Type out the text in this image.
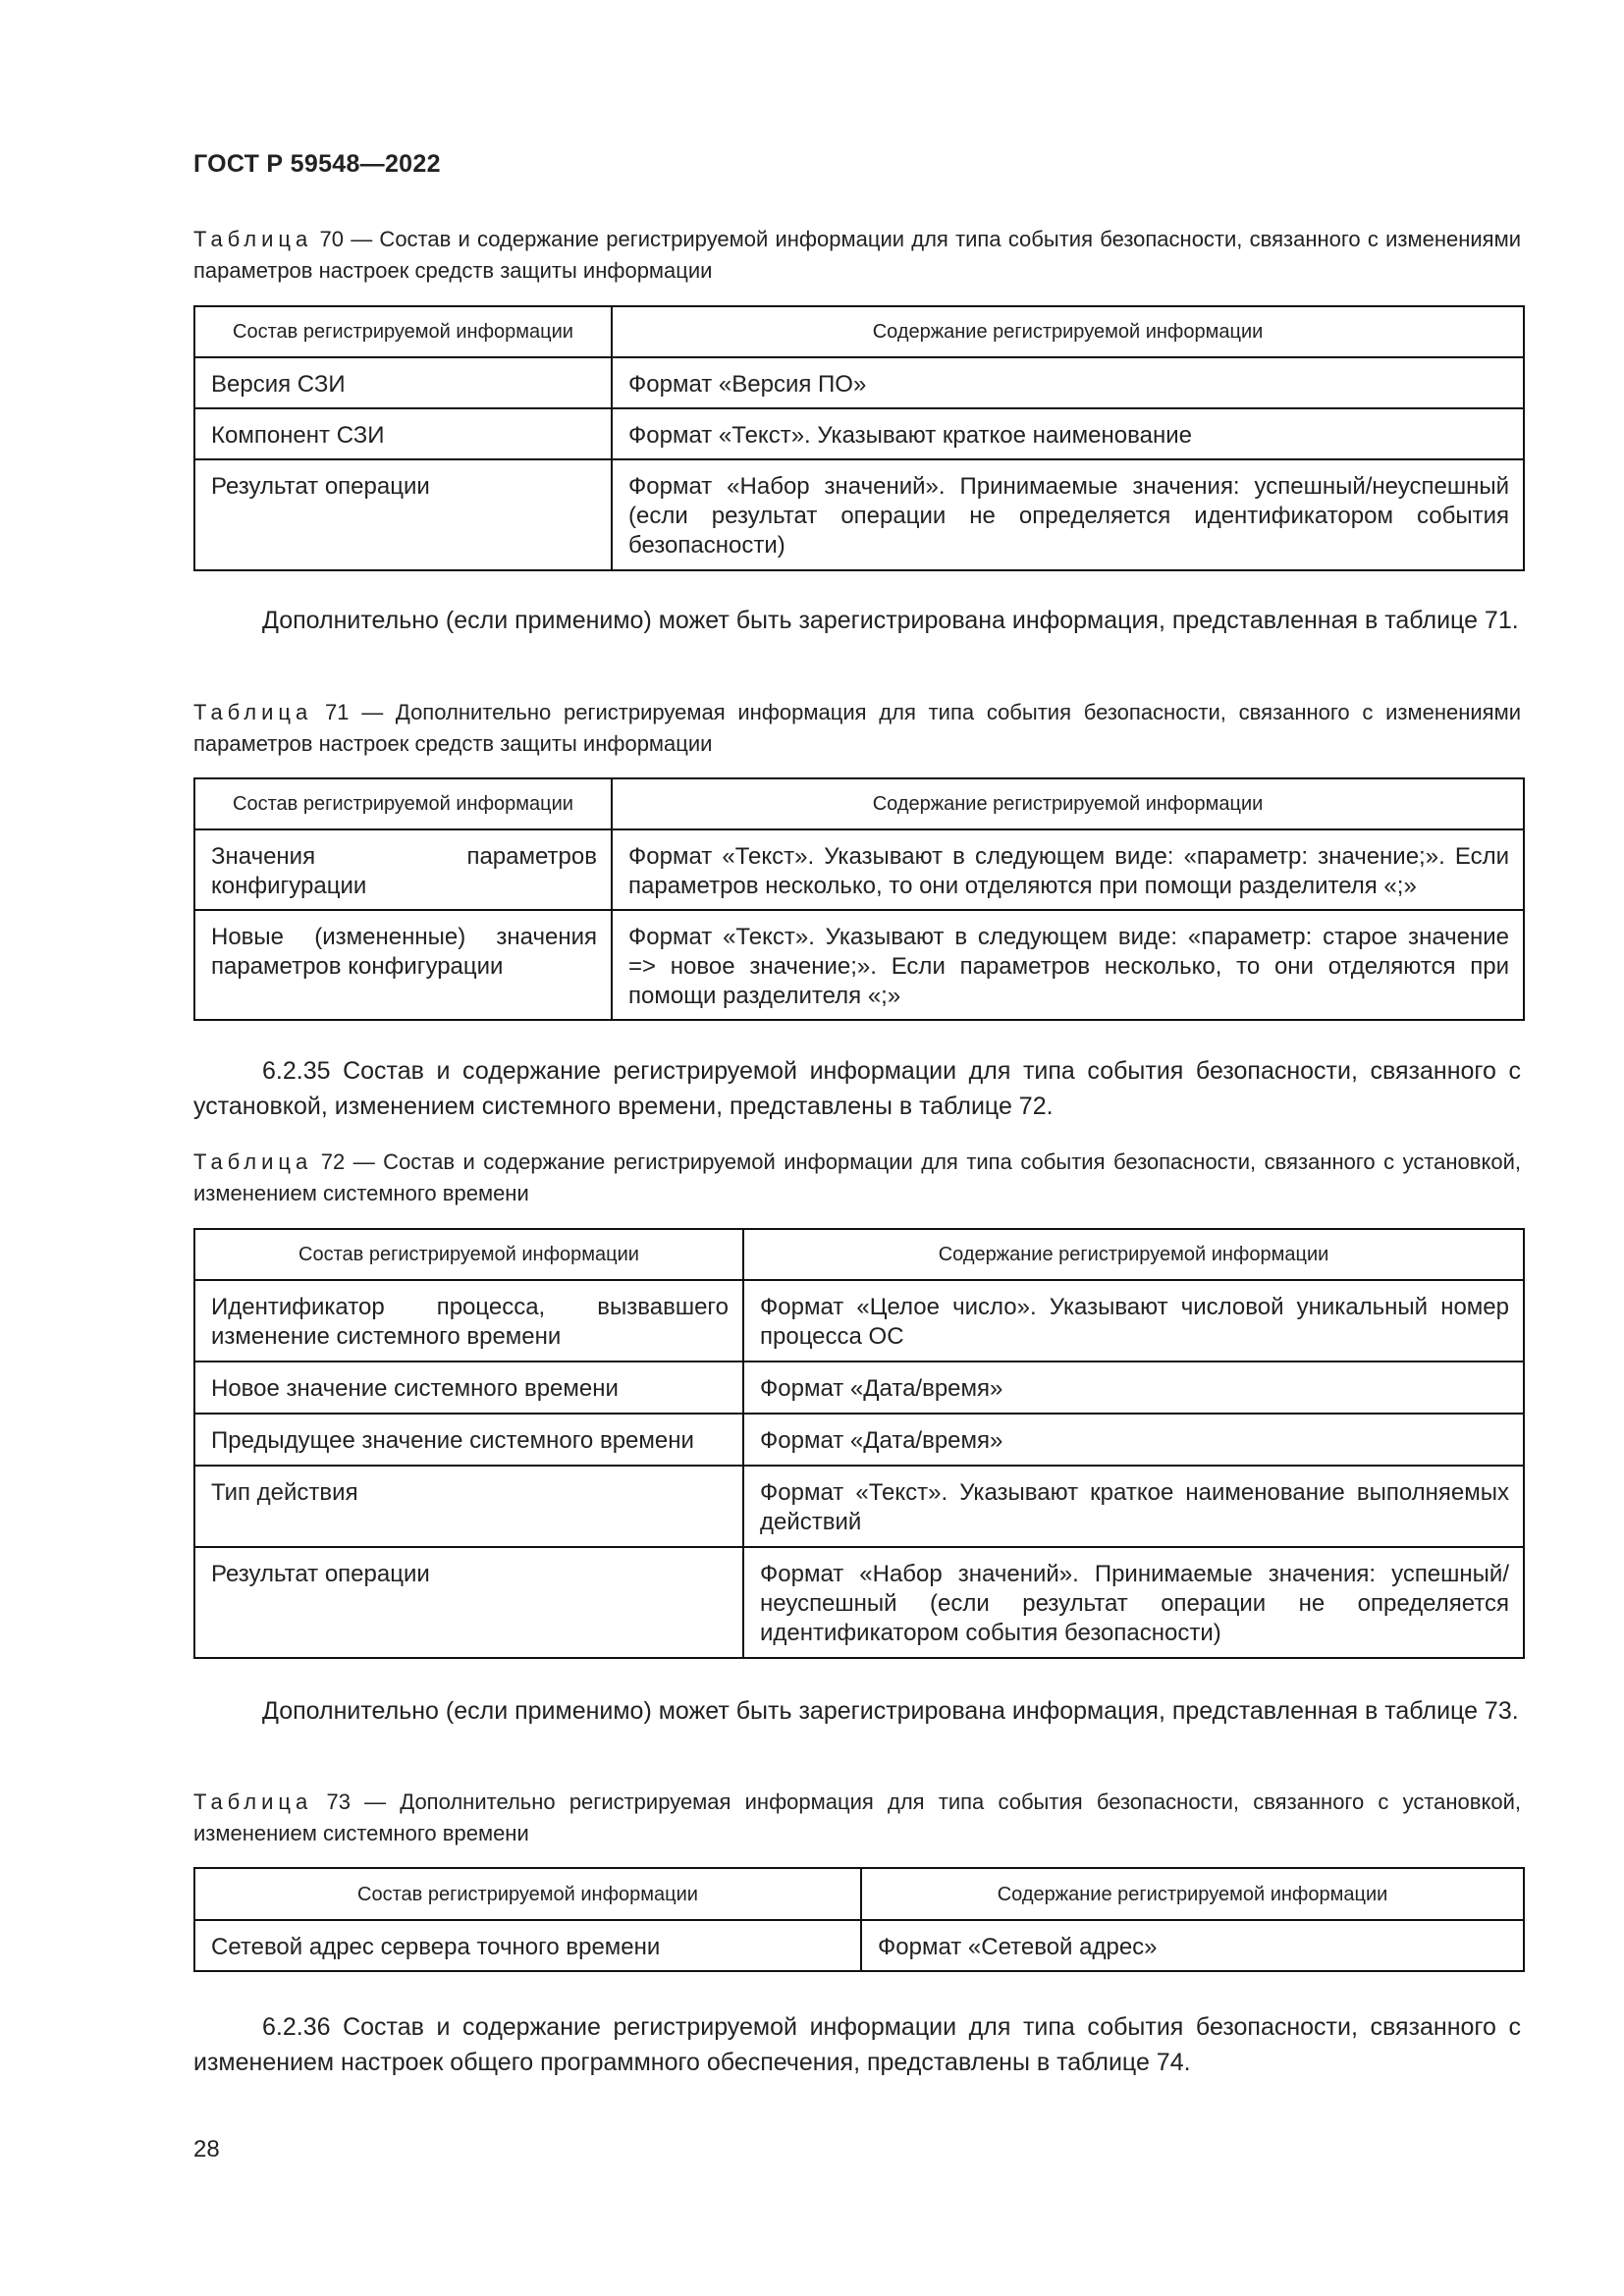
ГОСТ Р 59548—2022
Таблица 70 — Состав и содержание регистрируемой информации для типа события безопасности, связанного с изменениями параметров настроек средств защиты информации
Состав регистрируемой информации	Содержание регистрируемой информации
Версия СЗИ	Формат «Версия ПО»
Компонент СЗИ	Формат «Текст». Указывают краткое наименование
Результат операции	Формат «Набор значений». Принимаемые значения: успешный/неуспешный (если результат операции не определяется идентификатором события безопасности)
Дополнительно (если применимо) может быть зарегистрирована информация, представленная в таблице 71.
Таблица 71 — Дополнительно регистрируемая информация для типа события безопасности, связанного с изменениями параметров настроек средств защиты информации
Состав регистрируемой информации	Содержание регистрируемой информации
Значения параметров конфигурации	Формат «Текст». Указывают в следующем виде: «параметр: значение;». Если параметров несколько, то они отделяются при помощи разделителя «;»
Новые (измененные) значения параметров конфигурации	Формат «Текст». Указывают в следующем виде: «параметр: старое значение => новое значение;». Если параметров несколько, то они отделяются при помощи разделителя «;»
6.2.35 Состав и содержание регистрируемой информации для типа события безопасности, связанного с установкой, изменением системного времени, представлены в таблице 72.
Таблица 72 — Состав и содержание регистрируемой информации для типа события безопасности, связанного с установкой, изменением системного времени
Состав регистрируемой информации	Содержание регистрируемой информации
Идентификатор процесса, вызвавшего изменение системного времени	Формат «Целое число». Указывают числовой уникальный номер процесса ОС
Новое значение системного времени	Формат «Дата/время»
Предыдущее значение системного времени	Формат «Дата/время»
Тип действия	Формат «Текст». Указывают краткое наименование выполняемых действий
Результат операции	Формат «Набор значений». Принимаемые значения: успешный/неуспешный (если результат операции не определяется идентификатором события безопасности)
Дополнительно (если применимо) может быть зарегистрирована информация, представленная в таблице 73.
Таблица 73 — Дополнительно регистрируемая информация для типа события безопасности, связанного с установкой, изменением системного времени
Состав регистрируемой информации	Содержание регистрируемой информации
Сетевой адрес сервера точного времени	Формат «Сетевой адрес»
6.2.36 Состав и содержание регистрируемой информации для типа события безопасности, связанного с изменением настроек общего программного обеспечения, представлены в таблице 74.
28
